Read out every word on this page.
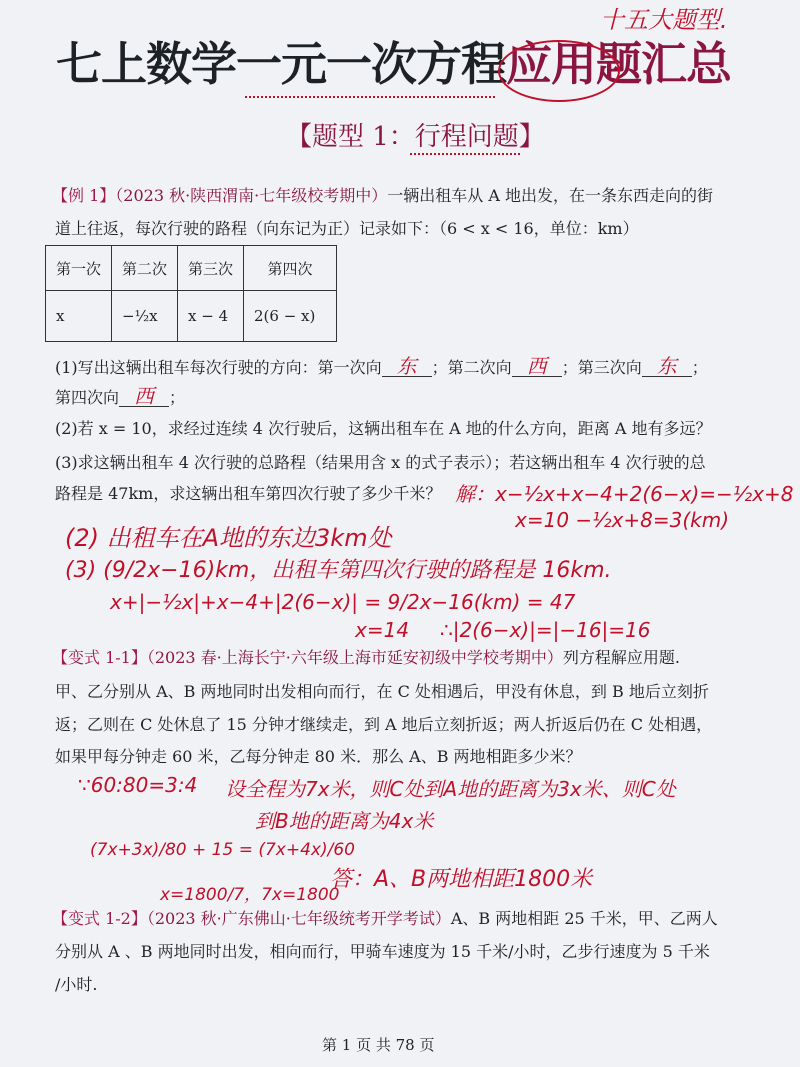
七上数学一元一次方程应用题汇总
十五大题型.
【题型 1：行程问题】
【例 1】（2023 秋·陕西渭南·七年级校考期中）一辆出租车从 A 地出发，在一条东西走向的街
道上往返，每次行驶的路程（向东记为正）记录如下：（6 < x < 16，单位：km）
第一次	第二次	第三次	第四次
x	−½x	x − 4	2(6 − x)
(1)写出这辆出租车每次行驶的方向：第一次向 东 ；第二次向 西 ；第三次向 东 ；
第四次向 西 ；
(2)若 x = 10，求经过连续 4 次行驶后，这辆出租车在 A 地的什么方向，距离 A 地有多远？
(3)求这辆出租车 4 次行驶的总路程（结果用含 x 的式子表示）；若这辆出租车 4 次行驶的总
路程是 47km，求这辆出租车第四次行驶了多少千米？ 解：x−½x+x−4+2(6−x)=−½x+8
x=10 −½x+8=3(km)
(2) 出租车在A地的东边3km处
(3) (9/2x−16)km，出租车第四次行驶的路程是 16km.
x+|−½x|+x−4+|2(6−x)| = 9/2x−16(km) = 47
x=14 ∴|2(6−x)|=|−16|=16
【变式 1-1】（2023 春·上海长宁·六年级上海市延安初级中学校考期中）列方程解应用题.
甲、乙分别从 A、B 两地同时出发相向而行，在 C 处相遇后，甲没有休息，到 B 地后立刻折
返；乙则在 C 处休息了 15 分钟才继续走，到 A 地后立刻折返；两人折返后仍在 C 处相遇，
如果甲每分钟走 60 米，乙每分钟走 80 米．那么 A、B 两地相距多少米？
∵60:80=3:4 设全程为7x米，则C处到A地的距离为3x米、则C处
到B地的距离为4x米
(7x+3x)/80 + 15 = (7x+4x)/60
x=1800/7，7x=1800
答：A、B两地相距1800米
【变式 1-2】（2023 秋·广东佛山·七年级统考开学考试）A、B 两地相距 25 千米，甲、乙两人
分别从 A 、B 两地同时出发，相向而行，甲骑车速度为 15 千米/小时，乙步行速度为 5 千米
/小时.
第 1 页 共 78 页
